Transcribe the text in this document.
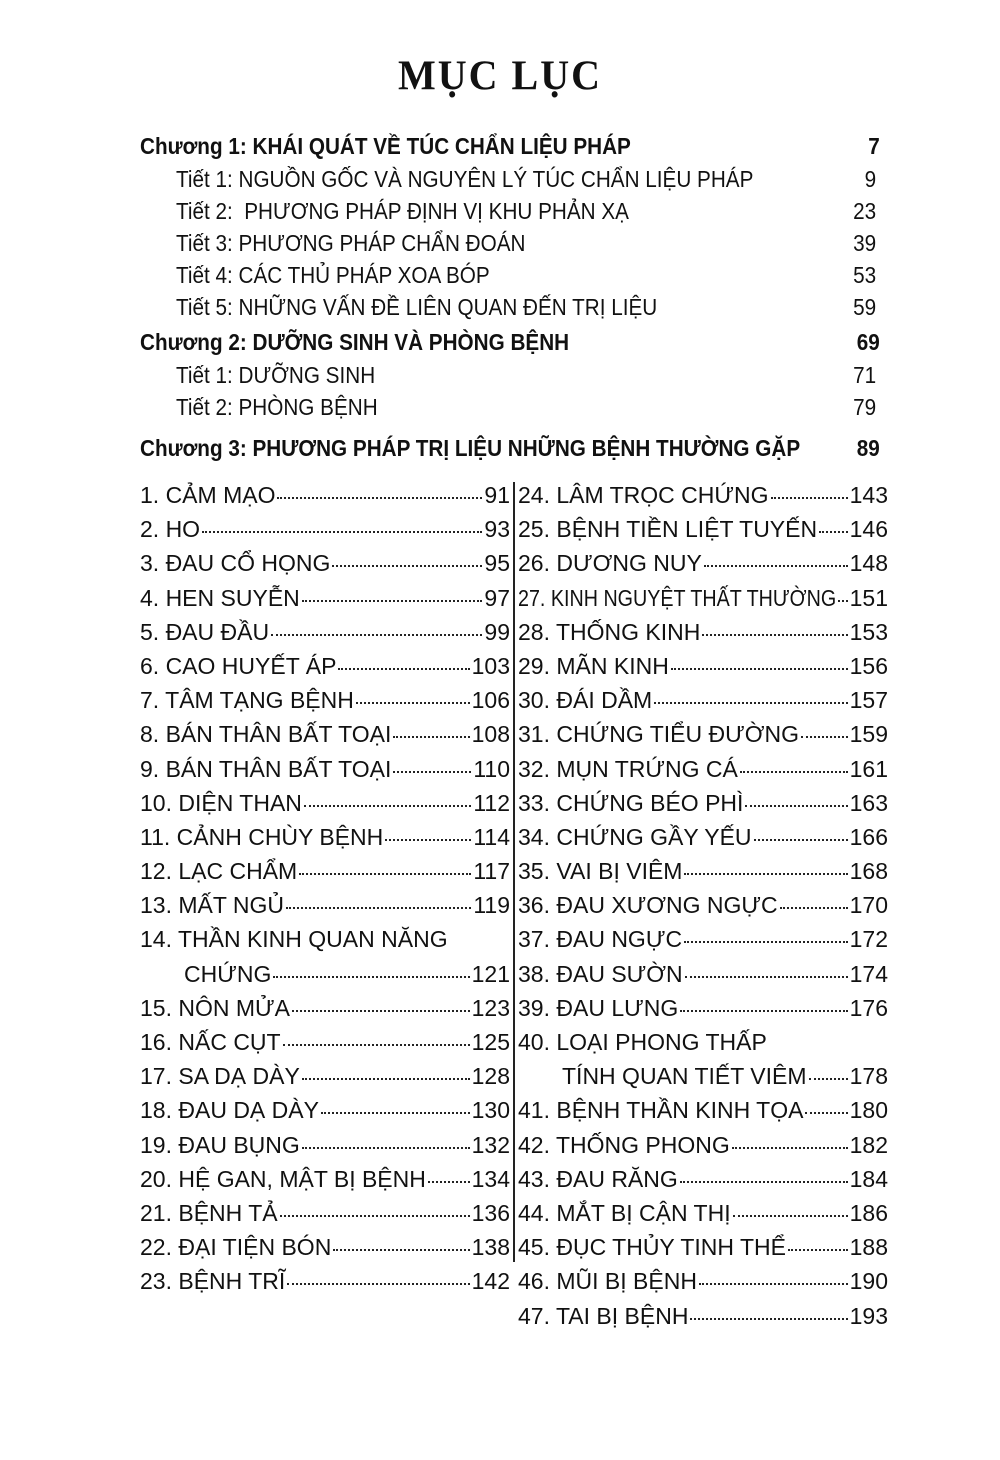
MỤC LỤC
Chương 1: KHÁI QUÁT VỀ TÚC CHẨN LIỆU PHÁP	7
Tiết 1: NGUỒN GỐC VÀ NGUYÊN LÝ TÚC CHẨN LIỆU PHÁP	9
Tiết 2:  PHƯƠNG PHÁP ĐỊNH VỊ KHU PHẢN XẠ	23
Tiết 3: PHƯƠNG PHÁP CHẨN ĐOÁN	39
Tiết 4: CÁC THỦ PHÁP XOA BÓP	53
Tiết 5: NHỮNG VẤN ĐỀ LIÊN QUAN ĐẾN TRỊ LIỆU	59
Chương 2: DƯỠNG SINH VÀ PHÒNG BỆNH	69
Tiết 1: DƯỠNG SINH	71
Tiết 2: PHÒNG BỆNH	79
Chương 3: PHƯƠNG PHÁP TRỊ LIỆU NHỮNG BỆNH THƯỜNG GẶP 89
1. CẢM MẠO	91
2. HO	93
3. ĐAU CỔ HỌNG	95
4. HEN SUYỄN	97
5. ĐAU ĐẦU	99
6. CAO HUYẾT ÁP	103
7. TÂM TẠNG BỆNH	106
8. BÁN THÂN BẤT TOẠI	108
9. BÁN THÂN BẤT TOẠI	110
10. DIỆN THAN	112
11. CẢNH CHÙY BỆNH	114
12. LẠC CHẨM	117
13. MẤT NGỦ	119
14. THẦN KINH QUAN NĂNG
CHỨNG	121
15. NÔN MỬA	123
16. NẤC CỤT	125
17. SA DẠ DÀY	128
18. ĐAU DẠ DÀY	130
19. ĐAU BỤNG	132
20. HỆ GAN, MẬT BỊ BỆNH 134
21. BỆNH TẢ	136
22. ĐẠI TIỆN BÓN	138
23. BỆNH TRĨ	142
24. LÂM TRỌC CHỨNG	143
25. BỆNH TIỀN LIỆT TUYẾN 146
26. DƯƠNG NUY	148
27. KINH NGUYỆT THẤT THƯỜNG 151
28. THỐNG KINH	153
29. MÃN KINH	156
30. ĐÁI DẦM	157
31. CHỨNG TIỂU ĐƯỜNG 159
32. MỤN TRỨNG CÁ	161
33. CHỨNG BÉO PHÌ	163
34. CHỨNG GẦY YẾU	166
35. VAI BỊ VIÊM	168
36. ĐAU XƯƠNG NGỰC	170
37. ĐAU NGỰC	172
38. ĐAU SƯỜN	174
39. ĐAU LƯNG	176
40. LOẠI PHONG THẤP
TÍNH QUAN TIẾT VIÊM 178
41. BỆNH THẦN KINH TỌA 180
42. THỐNG PHONG	182
43. ĐAU RĂNG	184
44. MẮT BỊ CẬN THỊ	186
45. ĐỤC THỦY TINH THỂ	188
46. MŨI BỊ BỆNH	190
47. TAI BỊ BỆNH	193
